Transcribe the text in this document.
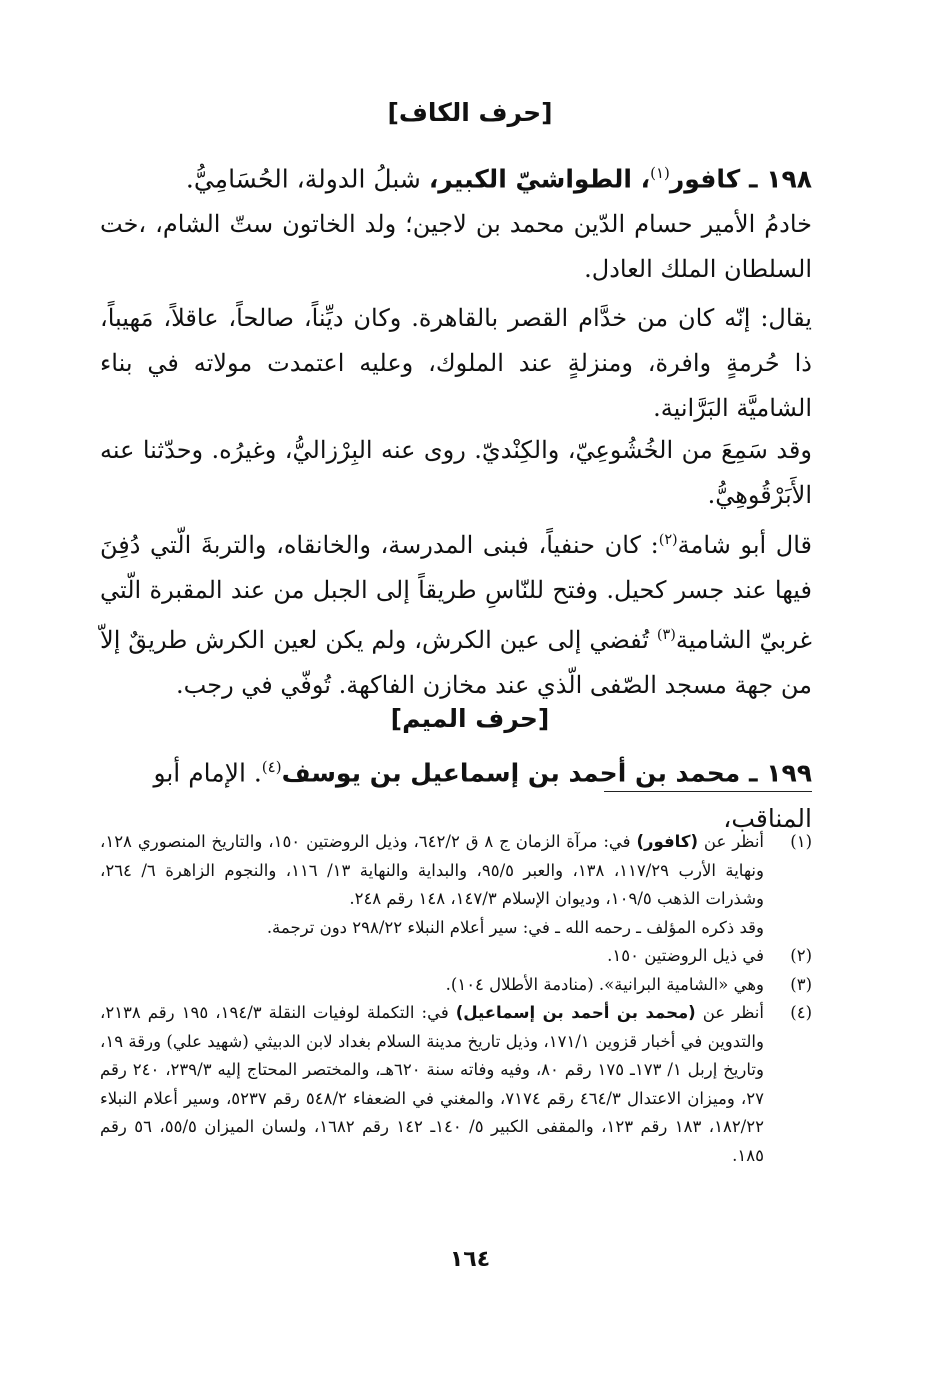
[حرف الكاف]
١٩٨ ـ كافور$^{(١)}$، الطواشيّ الكبير، شبلُ الدولة، الحُسَامِيُّ.

خادمُ الأمير حسام الدّين محمد بن لاجين؛ ولد الخاتون ستّ الشام، ،خت السلطان الملك العادل.

يقال: إنّه كان من خدَّام القصر بالقاهرة. وكان ديِّناً، صالحاً، عاقلاً، مَهيباً، ذا حُرمةٍ وافرة، ومنزلةٍ عند الملوك، وعليه اعتمدت مولاته في بناء الشاميَّة البَرَّانية.

وقد سَمِعَ من الخُشُوعِيّ، والكِنْديّ. روى عنه البِرْزاليُّ، وغيرُه. وحدّثنا عنه الأَبَرْقُوهِيُّ.

قال أبو شامة$^{(٢)}$: كان حنفياً، فبنى المدرسة، والخانقاه، والتربةَ الّتي دُفِنَ فيها عند جسر كحيل. وفتح للنّاسِ طريقاً إلى الجبل من عند المقبرة الّتي غربيّ الشامية$^{(٣)}$ تُفضي إلى عين الكرش، ولم يكن لعين الكرش طريقٌ إلاّ من جهة مسجد الصّفى الّذي عند مخازن الفاكهة. تُوفّي في رجب.

[حرف الميم]
١٩٩ ـ محمد بن أحمد بن إسماعيل بن يوسف$^{(٤)}$. الإمام أبو المناقب،
(١)
أنظر عن (كافور) في: مرآة الزمان ج ٨ ق ٦٤٢/٢، وذيل الروضتين ١٥٠، والتاريخ المنصوري ١٢٨، ونهاية الأرب ١١٧/٢٩، ١٣٨، والعبر ٩٥/٥، والبداية والنهاية ١٣/ ١١٦، والنجوم الزاهرة ٦/ ٢٦٤، وشذرات الذهب ١٠٩/٥، وديوان الإسلام ١٤٧/٣، ١٤٨ رقم ٢٤٨.
وقد ذكره المؤلف ـ رحمه الله ـ في: سير أعلام النبلاء ٢٩٨/٢٢ دون ترجمة.
(٢)
في ذيل الروضتين ١٥٠.
(٣)
وهي «الشامية البرانية». (منادمة الأطلال ١٠٤).
(٤)
أنظر عن (محمد بن أحمد بن إسماعيل) في: التكملة لوفيات النقلة ١٩٤/٣، ١٩٥ رقم ٢١٣٨، والتدوين في أخبار قزوين ١٧١/١، وذيل تاريخ مدينة السلام بغداد لابن الدبيثي (شهيد علي) ورقة ١٩، وتاريخ إربل ١/ ١٧٣ـ ١٧٥ رقم ٨٠، وفيه وفاته سنة ٦٢٠هـ، والمختصر المحتاج إليه ٢٣٩/٣، ٢٤٠ رقم ٢٧، وميزان الاعتدال ٤٦٤/٣ رقم ٧١٧٤، والمغني في الضعفاء ٥٤٨/٢ رقم ٥٢٣٧، وسير أعلام النبلاء ١٨٢/٢٢، ١٨٣ رقم ١٢٣، والمقفى الكبير ٥/ ١٤٠ـ ١٤٢ رقم ١٦٨٢، ولسان الميزان ٥٥/٥، ٥٦ رقم ١٨٥.
١٦٤
